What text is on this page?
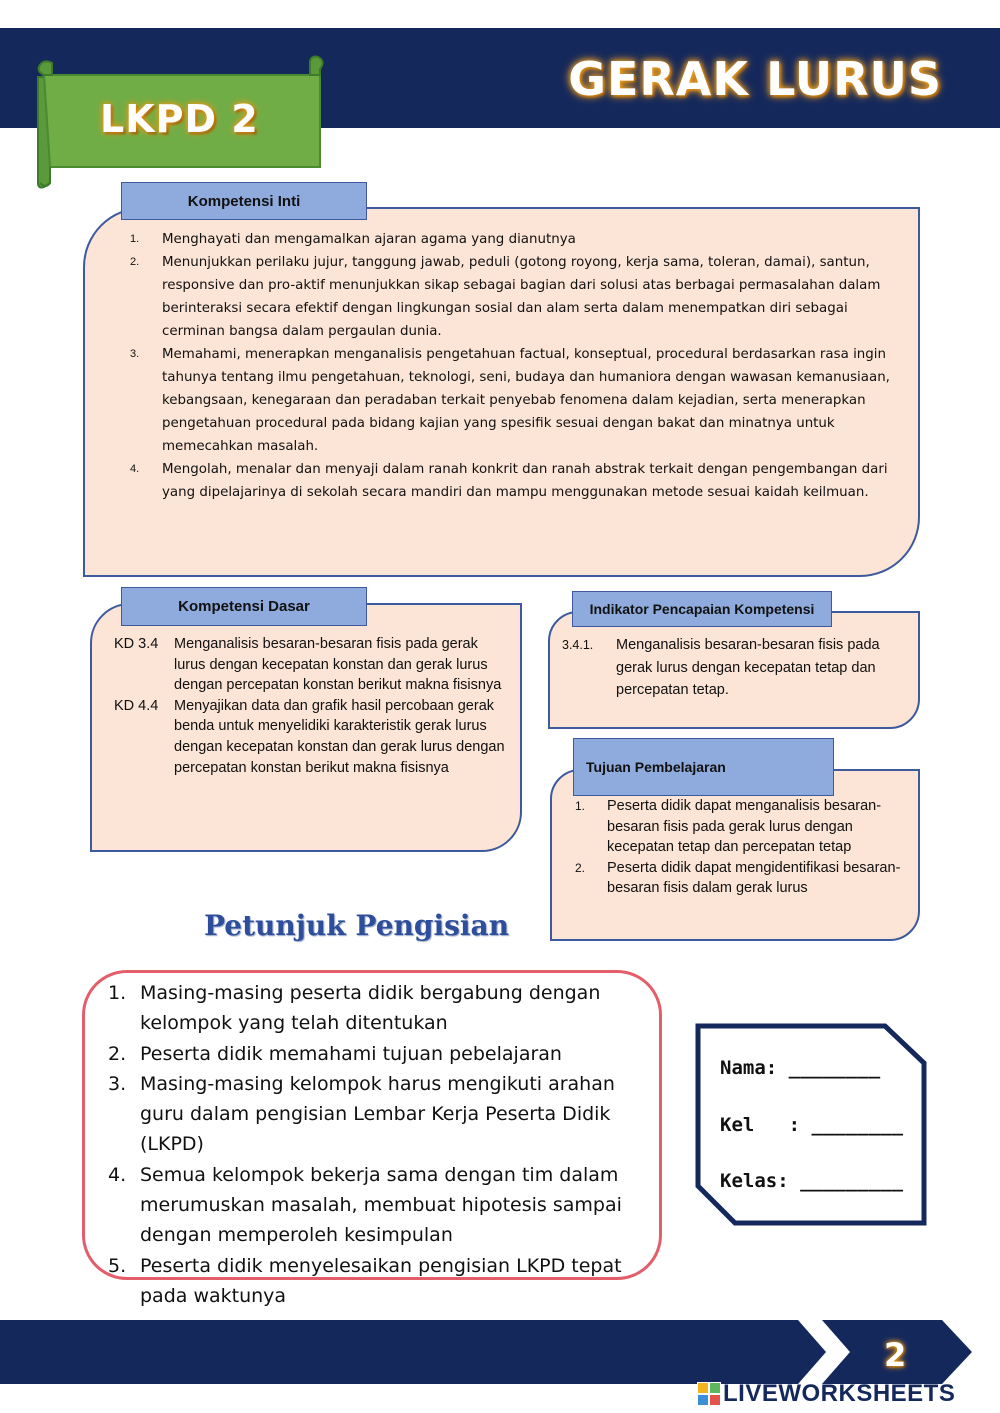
GERAK LURUS
LKPD 2
Kompetensi Inti
1.	Menghayati dan mengamalkan ajaran agama yang dianutnya
2.	Menunjukkan perilaku jujur, tanggung jawab, peduli (gotong royong, kerja sama, toleran, damai), santun, responsive dan pro-aktif menunjukkan sikap sebagai bagian dari solusi atas berbagai permasalahan dalam berinteraksi secara efektif dengan lingkungan sosial dan alam serta dalam menempatkan diri sebagai cerminan bangsa dalam pergaulan dunia.
3.	Memahami, menerapkan menganalisis pengetahuan factual, konseptual, procedural berdasarkan rasa ingin tahunya tentang ilmu pengetahuan, teknologi, seni, budaya dan humaniora dengan wawasan kemanusiaan, kebangsaan, kenegaraan dan peradaban terkait penyebab fenomena dalam kejadian, serta menerapkan pengetahuan procedural pada bidang kajian yang spesifik sesuai dengan bakat dan minatnya untuk memecahkan masalah.
4.	Mengolah, menalar dan menyaji dalam ranah konkrit dan ranah abstrak terkait dengan pengembangan dari yang dipelajarinya di sekolah secara mandiri dan mampu menggunakan metode sesuai kaidah keilmuan.
Kompetensi Dasar
KD 3.4 Menganalisis besaran-besaran fisis pada gerak lurus dengan kecepatan konstan dan gerak lurus dengan percepatan konstan berikut makna fisisnya
KD 4.4 Menyajikan data dan grafik hasil percobaan gerak benda untuk menyelidiki karakteristik gerak lurus dengan kecepatan konstan dan gerak lurus dengan percepatan konstan berikut makna fisisnya
Indikator Pencapaian Kompetensi
3.4.1.	Menganalisis besaran-besaran fisis pada gerak lurus dengan kecepatan tetap dan percepatan tetap.
Tujuan Pembelajaran
1.	Peserta didik dapat menganalisis besaran-besaran fisis pada gerak lurus dengan kecepatan tetap dan percepatan tetap
2.	Peserta didik dapat mengidentifikasi besaran-besaran fisis dalam gerak lurus
Petunjuk Pengisian
1. Masing-masing peserta didik bergabung dengan kelompok yang telah ditentukan
2. Peserta didik memahami tujuan pebelajaran
3. Masing-masing kelompok harus mengikuti arahan guru dalam pengisian Lembar Kerja Peserta Didik (LKPD)
4. Semua kelompok bekerja sama dengan tim dalam merumuskan masalah, membuat hipotesis sampai dengan memperoleh kesimpulan
5. Peserta didik menyelesaikan pengisian LKPD tepat pada waktunya
Nama: ________
Kel   : ________
Kelas: _________
2
LIVEWORKSHEETS
